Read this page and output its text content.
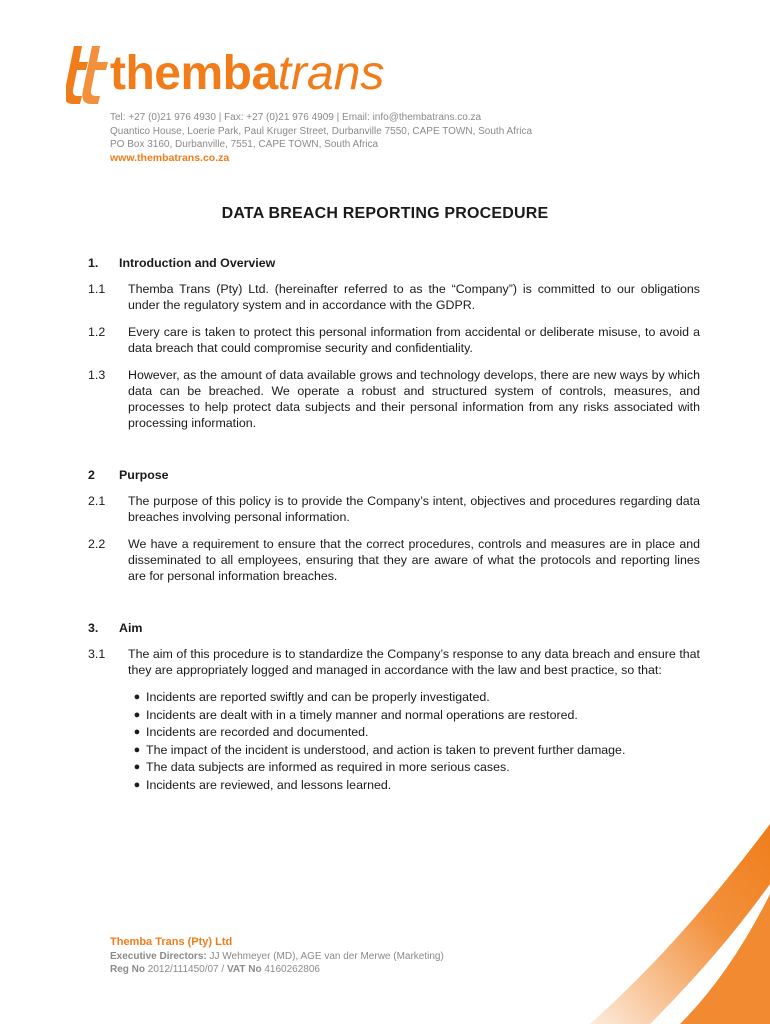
thembatrans
Tel: +27 (0)21 976 4930 | Fax: +27 (0)21 976 4909 | Email: info@thembatrans.co.za
Quantico House, Loerie Park, Paul Kruger Street, Durbanville 7550, CAPE TOWN, South Africa
PO Box 3160, Durbanville, 7551, CAPE TOWN, South Africa
www.thembatrans.co.za
DATA BREACH REPORTING PROCEDURE
1.	Introduction and Overview
1.1	Themba Trans (Pty) Ltd. (hereinafter referred to as the “Company”) is committed to our obligations under the regulatory system and in accordance with the GDPR.
1.2	Every care is taken to protect this personal information from accidental or deliberate misuse, to avoid a data breach that could compromise security and confidentiality.
1.3	However, as the amount of data available grows and technology develops, there are new ways by which data can be breached. We operate a robust and structured system of controls, measures, and processes to help protect data subjects and their personal information from any risks associated with processing information.
2	Purpose
2.1	The purpose of this policy is to provide the Company’s intent, objectives and procedures regarding data breaches involving personal information.
2.2	We have a requirement to ensure that the correct procedures, controls and measures are in place and disseminated to all employees, ensuring that they are aware of what the protocols and reporting lines are for personal information breaches.
3.	Aim
3.1	The aim of this procedure is to standardize the Company’s response to any data breach and ensure that they are appropriately logged and managed in accordance with the law and best practice, so that:
● Incidents are reported swiftly and can be properly investigated.
● Incidents are dealt with in a timely manner and normal operations are restored.
● Incidents are recorded and documented.
● The impact of the incident is understood, and action is taken to prevent further damage.
● The data subjects are informed as required in more serious cases.
● Incidents are reviewed, and lessons learned.
Themba Trans (Pty) Ltd
Executive Directors: JJ Wehmeyer (MD), AGE van der Merwe (Marketing)
Reg No 2012/111450/07 / VAT No 4160262806
